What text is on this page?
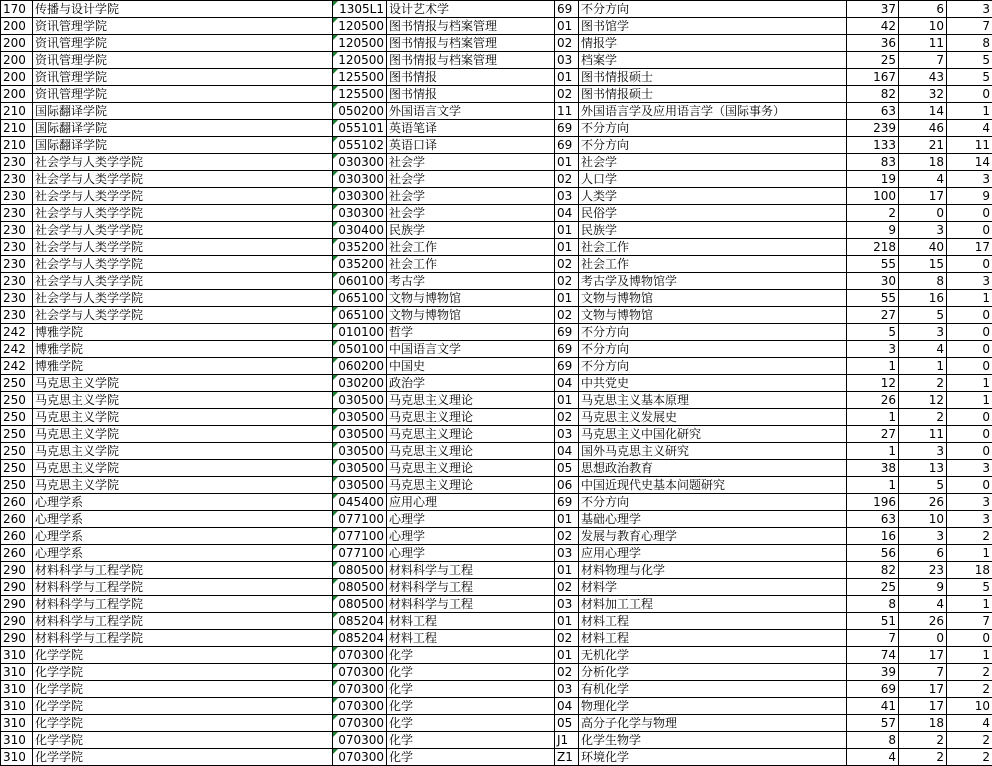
170	传播与设计学院	1305L1	设计艺术学	69	不分方向	37	6	3
200	资讯管理学院	120500	图书情报与档案管理	01	图书馆学	42	10	7
200	资讯管理学院	120500	图书情报与档案管理	02	情报学	36	11	8
200	资讯管理学院	120500	图书情报与档案管理	03	档案学	25	7	5
200	资讯管理学院	125500	图书情报	01	图书情报硕士	167	43	5
200	资讯管理学院	125500	图书情报	02	图书情报硕士	82	32	0
210	国际翻译学院	050200	外国语言文学	11	外国语言学及应用语言学（国际事务）	63	14	1
210	国际翻译学院	055101	英语笔译	69	不分方向	239	46	4
210	国际翻译学院	055102	英语口译	69	不分方向	133	21	11
230	社会学与人类学学院	030300	社会学	01	社会学	83	18	14
230	社会学与人类学学院	030300	社会学	02	人口学	19	4	3
230	社会学与人类学学院	030300	社会学	03	人类学	100	17	9
230	社会学与人类学学院	030300	社会学	04	民俗学	2	0	0
230	社会学与人类学学院	030400	民族学	01	民族学	9	3	0
230	社会学与人类学学院	035200	社会工作	01	社会工作	218	40	17
230	社会学与人类学学院	035200	社会工作	02	社会工作	55	15	0
230	社会学与人类学学院	060100	考古学	02	考古学及博物馆学	30	8	3
230	社会学与人类学学院	065100	文物与博物馆	01	文物与博物馆	55	16	1
230	社会学与人类学学院	065100	文物与博物馆	02	文物与博物馆	27	5	0
242	博雅学院	010100	哲学	69	不分方向	5	3	0
242	博雅学院	050100	中国语言文学	69	不分方向	3	4	0
242	博雅学院	060200	中国史	69	不分方向	1	1	0
250	马克思主义学院	030200	政治学	04	中共党史	12	2	1
250	马克思主义学院	030500	马克思主义理论	01	马克思主义基本原理	26	12	1
250	马克思主义学院	030500	马克思主义理论	02	马克思主义发展史	1	2	0
250	马克思主义学院	030500	马克思主义理论	03	马克思主义中国化研究	27	11	0
250	马克思主义学院	030500	马克思主义理论	04	国外马克思主义研究	1	3	0
250	马克思主义学院	030500	马克思主义理论	05	思想政治教育	38	13	3
250	马克思主义学院	030500	马克思主义理论	06	中国近现代史基本问题研究	1	5	0
260	心理学系	045400	应用心理	69	不分方向	196	26	3
260	心理学系	077100	心理学	01	基础心理学	63	10	3
260	心理学系	077100	心理学	02	发展与教育心理学	16	3	2
260	心理学系	077100	心理学	03	应用心理学	56	6	1
290	材料科学与工程学院	080500	材料科学与工程	01	材料物理与化学	82	23	18
290	材料科学与工程学院	080500	材料科学与工程	02	材料学	25	9	5
290	材料科学与工程学院	080500	材料科学与工程	03	材料加工工程	8	4	1
290	材料科学与工程学院	085204	材料工程	01	材料工程	51	26	7
290	材料科学与工程学院	085204	材料工程	02	材料工程	7	0	0
310	化学学院	070300	化学	01	无机化学	74	17	1
310	化学学院	070300	化学	02	分析化学	39	7	2
310	化学学院	070300	化学	03	有机化学	69	17	2
310	化学学院	070300	化学	04	物理化学	41	17	10
310	化学学院	070300	化学	05	高分子化学与物理	57	18	4
310	化学学院	070300	化学	J1	化学生物学	8	2	2
310	化学学院	070300	化学	Z1	环境化学	4	2	2
